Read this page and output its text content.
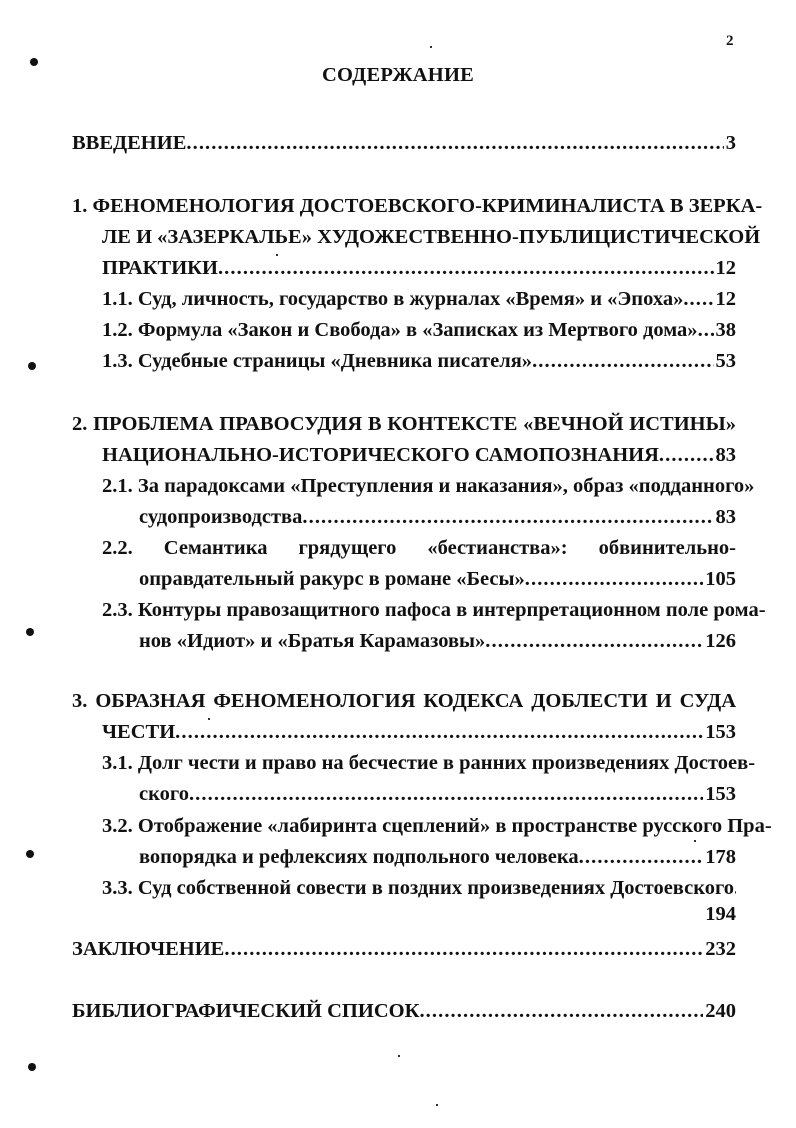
2
СОДЕРЖАНИЕ
ВВЕДЕНИЕ	3
.....
1. ФЕНОМЕНОЛОГИЯ ДОСТОЕВСКОГО-КРИМИНАЛИСТА В ЗЕРКА-
ЛЕ И «ЗАЗЕРКАЛЬЕ» ХУДОЖЕСТВЕННО-ПУБЛИЦИСТИЧЕСКОЙ
ПРАКТИКИ	12
.....
1.1. Суд, личность, государство в журналах «Время» и «Эпоха» 12
.....
1.2. Формула «Закон и Свобода» в «Записках из Мертвого дома» 38
.....
1.3. Судебные страницы «Дневника писателя»	53
.....
2. ПРОБЛЕМА ПРАВОСУДИЯ В КОНТЕКСТЕ «ВЕЧНОЙ ИСТИНЫ»
НАЦИОНАЛЬНО-ИСТОРИЧЕСКОГО САМОПОЗНАНИЯ	83
.....
2.1. За парадоксами «Преступления и наказания», образ «подданного»
судопроизводства	83
.....
2.2. Семантика грядущего «бестианства»: обвинительно-
оправдательный ракурс в романе «Бесы»	105
.....
2.3. Контуры правозащитного пафоса в интерпретационном поле рома-
нов «Идиот» и «Братья Карамазовы»	126
.....
3. ОБРАЗНАЯ ФЕНОМЕНОЛОГИЯ КОДЕКСА ДОБЛЕСТИ И СУДА
ЧЕСТИ	153
.....
3.1. Долг чести и право на бесчестие в ранних произведениях Достоев-
ского	153
.....
3.2. Отображение «лабиринта сцеплений» в пространстве русского Пра-
вопорядка и рефлексиях подпольного человека	178
.....
3.3. Суд собственной совести в поздних произведениях Достоевского
194
.....
ЗАКЛЮЧЕНИЕ	232
.....
БИБЛИОГРАФИЧЕСКИЙ СПИСОК	240
.....
